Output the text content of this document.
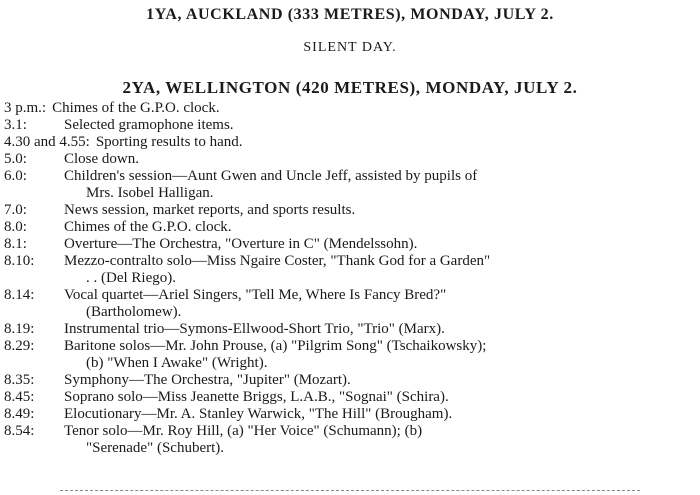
1YA, AUCKLAND (333 METRES), MONDAY, JULY 2.
SILENT DAY.
2YA, WELLINGTON (420 METRES), MONDAY, JULY 2.
3 p.m.: Chimes of the G.P.O. clock.
3.1:	Selected gramophone items.
4.30 and 4.55: Sporting results to hand.
5.0:	Close down.
6.0:	Children's session—Aunt Gwen and Uncle Jeff, assisted by pupils of
Mrs. Isobel Halligan.
7.0:	News session, market reports, and sports results.
8.0:	Chimes of the G.P.O. clock.
8.1:	Overture—The Orchestra, "Overture in C" (Mendelssohn).
8.10:	Mezzo-contralto solo—Miss Ngaire Coster, "Thank God for a Garden"
. . (Del Riego).
8.14:	Vocal quartet—Ariel Singers, "Tell Me, Where Is Fancy Bred?"
(Bartholomew).
8.19:	Instrumental trio—Symons-Ellwood-Short Trio, "Trio" (Marx).
8.29:	Baritone solos—Mr. John Prouse, (a) "Pilgrim Song" (Tschaikowsky);
(b) "When I Awake" (Wright).
8.35:	Symphony—The Orchestra, "Jupiter" (Mozart).
8.45:	Soprano solo—Miss Jeanette Briggs, L.A.B., "Sognai" (Schira).
8.49:	Elocutionary—Mr. A. Stanley Warwick, "The Hill" (Brougham).
8.54:	Tenor solo—Mr. Roy Hill, (a) "Her Voice" (Schumann); (b)
"Serenade" (Schubert).
